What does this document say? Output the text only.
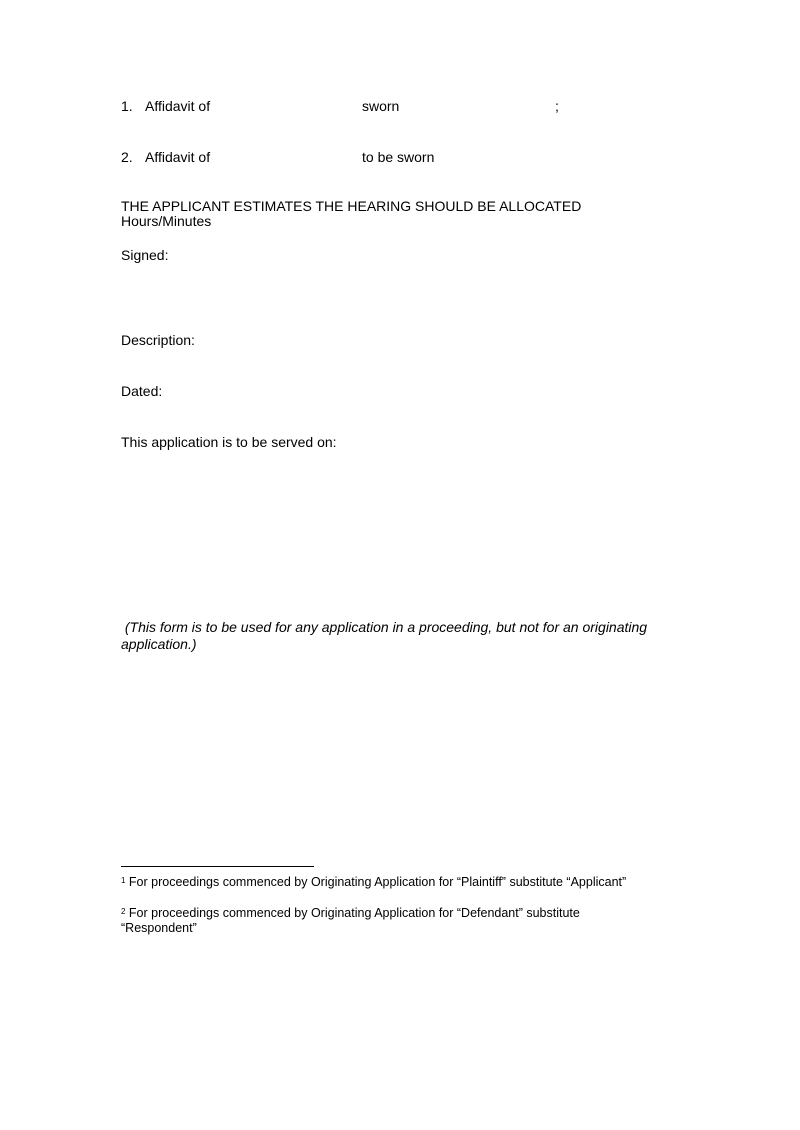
1. Affidavit of	sworn	;
2. Affidavit of	to be sworn
THE APPLICANT ESTIMATES THE HEARING SHOULD BE ALLOCATED
Hours/Minutes
Signed:
Description:
Dated:
This application is to be served on:
(This form is to be used for any application in a proceeding, but not for an originating
application.)
$^1$ For proceedings commenced by Originating Application for “Plaintiff” substitute “Applicant”
$^2$ For proceedings commenced by Originating Application for “Defendant” substitute
“Respondent”
